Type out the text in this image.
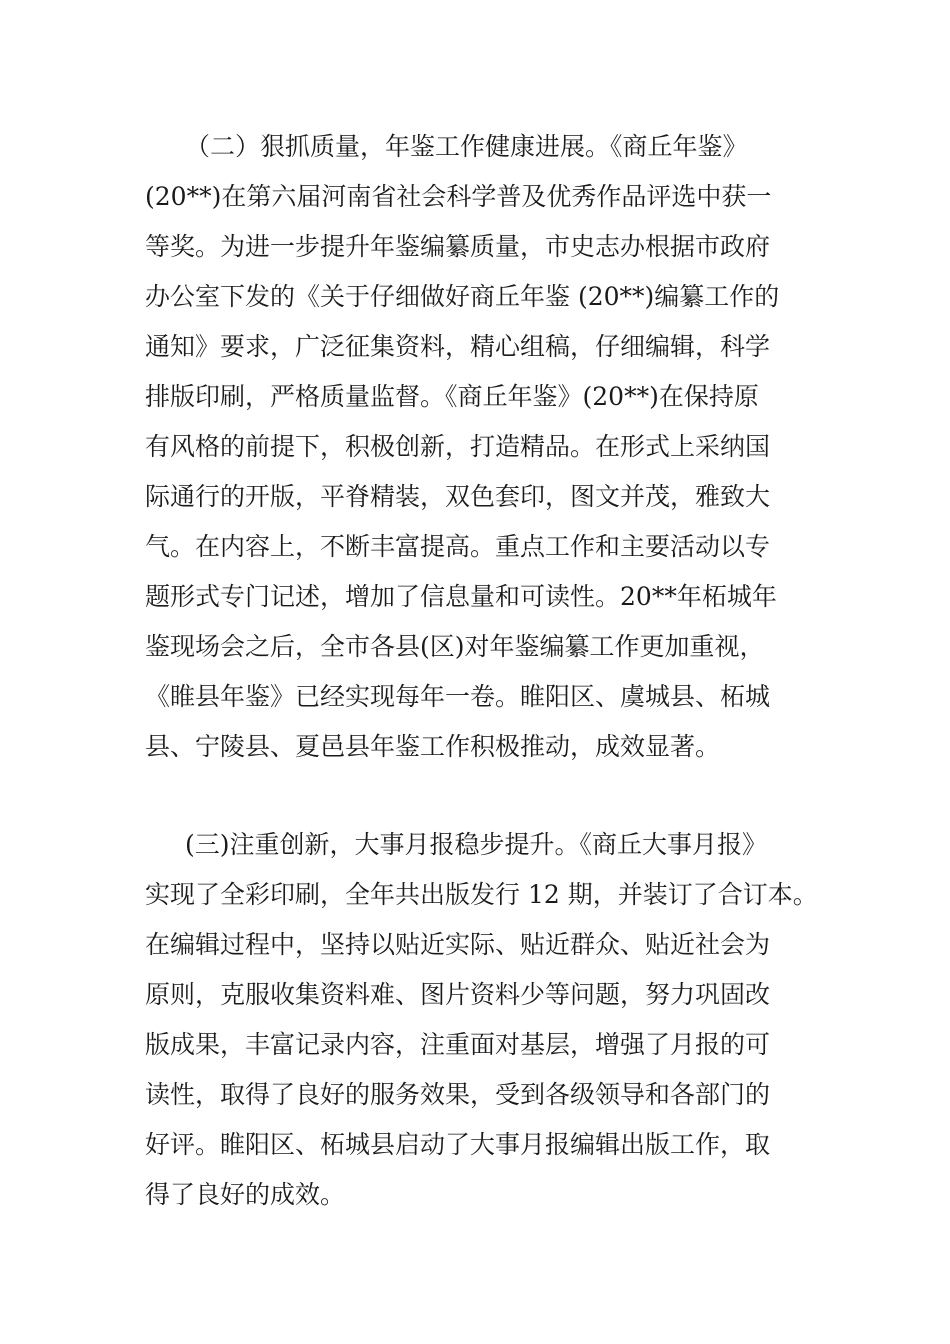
（二）狠抓质量，年鉴工作健康进展。《商丘年鉴》
(20**)在第六届河南省社会科学普及优秀作品评选中获一
等奖。为进一步提升年鉴编纂质量，市史志办根据市政府
办公室下发的《关于仔细做好商丘年鉴 (20**)编纂工作的
通知》要求，广泛征集资料，精心组稿，仔细编辑，科学
排版印刷，严格质量监督。《商丘年鉴》(20**)在保持原
有风格的前提下，积极创新，打造精品。在形式上采纳国
际通行的开版，平脊精装，双色套印，图文并茂，雅致大
气。在内容上，不断丰富提高。重点工作和主要活动以专
题形式专门记述，增加了信息量和可读性。20**年柘城年
鉴现场会之后，全市各县(区)对年鉴编纂工作更加重视，
《睢县年鉴》已经实现每年一卷。睢阳区、虞城县、柘城
县、宁陵县、夏邑县年鉴工作积极推动，成效显著。
(三)注重创新，大事月报稳步提升。《商丘大事月报》
实现了全彩印刷，全年共出版发行 12 期，并装订了合订本。
在编辑过程中，坚持以贴近实际、贴近群众、贴近社会为
原则，克服收集资料难、图片资料少等问题，努力巩固改
版成果，丰富记录内容，注重面对基层，增强了月报的可
读性，取得了良好的服务效果，受到各级领导和各部门的
好评。睢阳区、柘城县启动了大事月报编辑出版工作，取
得了良好的成效。
